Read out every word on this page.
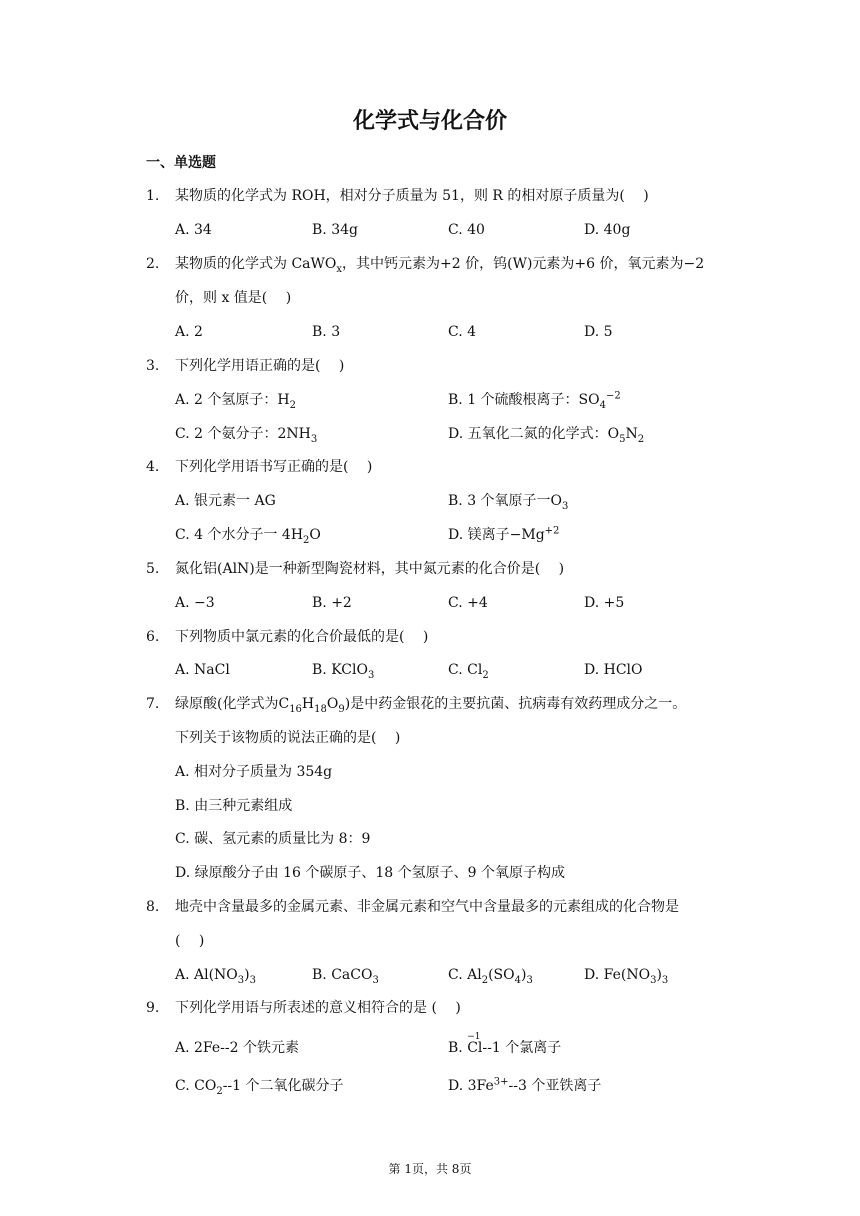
化学式与化合价
一、单选题
1. 某物质的化学式为 ROH，相对分子质量为 51，则 R 的相对原子质量为(　 )
A. 34	B. 34g	C. 40	D. 40g
2. 某物质的化学式为 CaWO$_x$，其中钙元素为+2 价，钨(W)元素为+6 价，氧元素为−2
价，则 x 值是(　 )
A. 2	B. 3	C. 4	D. 5
3. 下列化学用语正确的是(　 )
A. 2 个氢原子：$H_2$	B. 1 个硫酸根离子：$SO_4^{-2}$
C. 2 个氨分子：$2NH_3$	D. 五氧化二氮的化学式：$O_5N_2$
4. 下列化学用语书写正确的是(　 )
A. 银元素一 AG	B. 3 个氧原子一$O_3$
C. 4 个水分子一 $4H_2O$	D. 镁离子$-Mg^{+2}$
5. 氮化铝(AlN)是一种新型陶瓷材料，其中氮元素的化合价是(　 )
A. −3	B. +2	C. +4	D. +5
6. 下列物质中氯元素的化合价最低的是(　 )
A. NaCl	B. KClO$_3$	C. $Cl_2$	D. HClO
7. 绿原酸(化学式为$C_{16}H_{18}O_9$)是中药金银花的主要抗菌、抗病毒有效药理成分之一。
下列关于该物质的说法正确的是(　 )
A. 相对分子质量为 354g
B. 由三种元素组成
C. 碳、氢元素的质量比为 8：9
D. 绿原酸分子由 16 个碳原子、18 个氢原子、9 个氧原子构成
8. 地壳中含量最多的金属元素、非金属元素和空气中含量最多的元素组成的化合物是
(　 )
A. $Al(NO_3)_3$	B. CaCO$_3$	C. $Al_2(SO_4)_3$	D. $Fe(NO_3)_3$
9. 下列化学用语与所表述的意义相符合的是 (　 )
A. 2Fe--2 个铁元素	B.
−1
Cl--1 个氯离子
C. $CO_2--1$ 个二氧化碳分子	D. $3Fe^{3+}--3$ 个亚铁离子
第 1页，共 8页
